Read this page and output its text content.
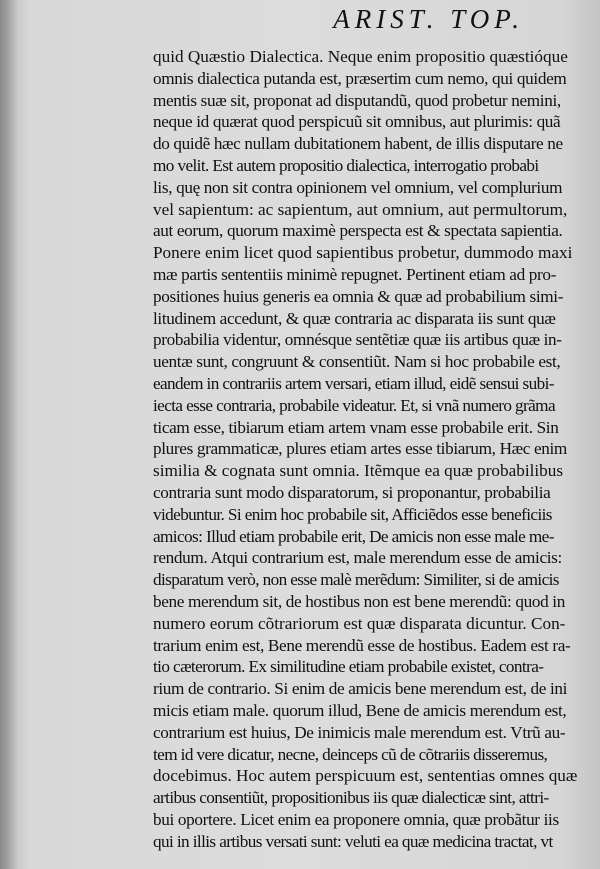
ARIST. TOP.
quid Quæstio Dialectica. Neque enim propositio quæstióque
omnis dialectica putanda est, præsertim cum nemo, qui quidem
mentis suæ sit, proponat ad disputandũ, quod probetur nemini,
neque id quærat quod perspicuũ sit omnibus, aut plurimis: quã
do quidẽ hæc nullam dubitationem habent, de illis disputare ne
mo velit. Est autem propositio dialectica, interrogatio probabi
lis, quę non sit contra opinionem vel omnium, vel complurium
vel sapientum: ac sapientum, aut omnium, aut permultorum,
aut eorum, quorum maximè perspecta est & spectata sapientia.
Ponere enim licet quod sapientibus probetur, dummodo maxi
mæ partis sententiis minimè repugnet. Pertinent etiam ad pro-
positiones huius generis ea omnia & quæ ad probabilium simi-
litudinem accedunt, & quæ contraria ac disparata iis sunt quæ
probabilia videntur, omnésque sentẽtiæ quæ iis artibus quæ in-
uentæ sunt, congruunt & consentiũt. Nam si hoc probabile est,
eandem in contrariis artem versari, etiam illud, eidẽ sensui subi-
iecta esse contraria, probabile videatur. Et, si vnã numero grãma
ticam esse, tibiarum etiam artem vnam esse probabile erit. Sin
plures grammaticæ, plures etiam artes esse tibiarum, Hæc enim
similia & cognata sunt omnia. Itẽmque ea quæ probabilibus
contraria sunt modo disparatorum, si proponantur, probabilia
videbuntur. Si enim hoc probabile sit, Afficiẽdos esse beneficiis
amicos: Illud etiam probabile erit, De amicis non esse male me-
rendum. Atqui contrarium est, male merendum esse de amicis:
disparatum verò, non esse malè merẽdum: Similiter, si de amicis
bene merendum sit, de hostibus non est bene merendũ: quod in
numero eorum cõtrariorum est quæ disparata dicuntur. Con-
trarium enim est, Bene merendũ esse de hostibus. Eadem est ra-
tio cæterorum. Ex similitudine etiam probabile existet, contra-
rium de contrario. Si enim de amicis bene merendum est, de ini
micis etiam male. quorum illud, Bene de amicis merendum est,
contrarium est huius, De inimicis male merendum est. Vtrũ au-
tem id vere dicatur, necne, deinceps cũ de cõtrariis disseremus,
docebimus. Hoc autem perspicuum est, sententias omnes quæ
artibus consentiũt, propositionibus iis quæ dialecticæ sint, attri-
bui oportere. Licet enim ea proponere omnia, quæ probãtur iis
qui in illis artibus versati sunt: veluti ea quæ medicina tractat, vt
